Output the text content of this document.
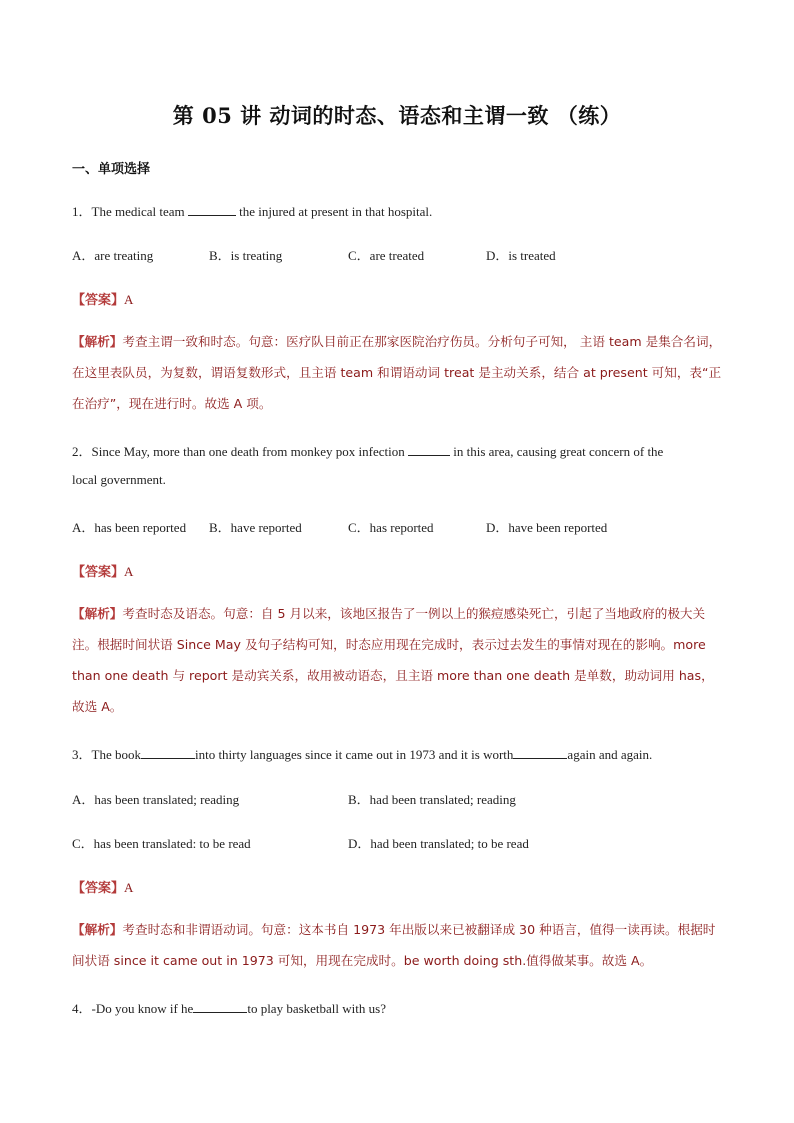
第 05 讲 动词的时态、语态和主谓一致 （练）
一、单项选择
1．The medical team	the injured at present in that hospital.
A．are treating	B．is treating	C．are treated	D．is treated
【答案】A
【解析】考查主谓一致和时态。句意：医疗队目前正在那家医院治疗伤员。分析句子可知， 主语 team 是集合名词，在这里表队员，为复数，谓语复数形式，且主语 team 和谓语动词 treat 是主动关系，结合 at present 可知，表“正在治疗”，现在进行时。故选 A 项。
2．Since May, more than one death from monkey pox infection	in this area, causing great concern of the
local government.
A．has been reported B．have reported	C．has reported	D．have been reported
【答案】A
【解析】考查时态及语态。句意：自 5 月以来，该地区报告了一例以上的猴痘感染死亡，引起了当地政府的极大关注。根据时间状语 Since May 及句子结构可知，时态应用现在完成时，表示过去发生的事情对现在的影响。more than one death 与 report 是动宾关系，故用被动语态，且主语 more than one death 是单数，助动词用 has，故选 A。
3．The book	into thirty languages since it came out in 1973 and it is worth	again and again.
A．has been translated; reading	B．had been translated; reading
C．has been translated: to be read	D．had been translated; to be read
【答案】A
【解析】考查时态和非谓语动词。句意：这本书自 1973 年出版以来已被翻译成 30 种语言，值得一读再读。根据时间状语 since it came out in 1973 可知，用现在完成时。be worth doing sth.值得做某事。故选 A。
4．-Do you know if he	to play basketball with us?
